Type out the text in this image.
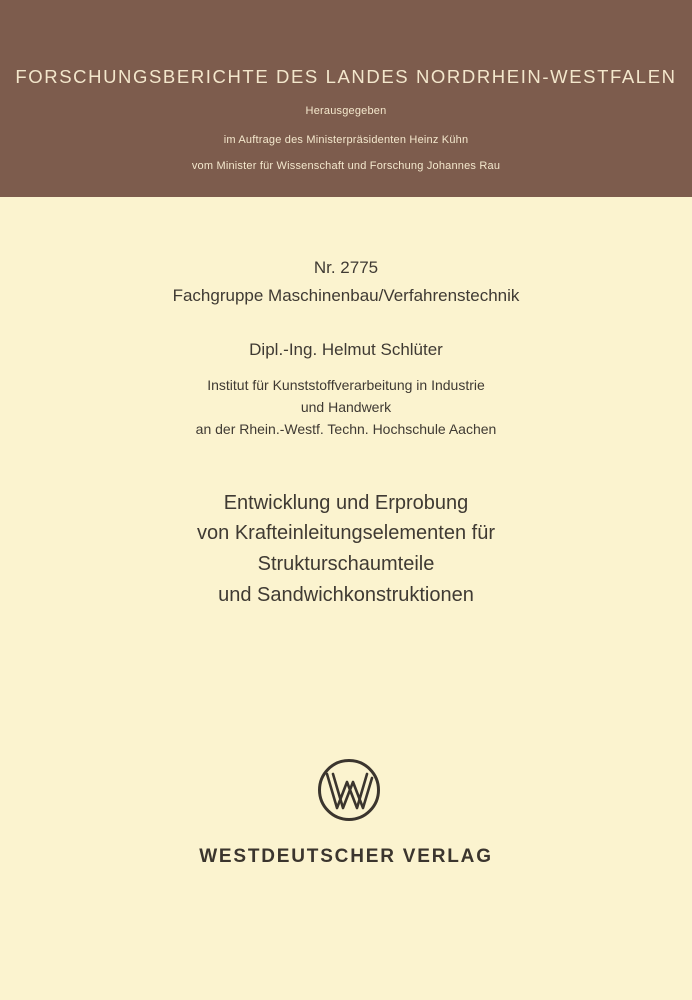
FORSCHUNGSBERICHTE DES LANDES NORDRHEIN-WESTFALEN
Herausgegeben
im Auftrage des Ministerpräsidenten Heinz Kühn
vom Minister für Wissenschaft und Forschung Johannes Rau
Nr. 2775
Fachgruppe Maschinenbau/Verfahrenstechnik
Dipl.-Ing. Helmut Schlüter
Institut für Kunststoffverarbeitung in Industrie
und Handwerk
an der Rhein.-Westf. Techn. Hochschule Aachen
Entwicklung und Erprobung
von Krafteinleitungselementen für
Strukturschaumteile
und Sandwichkonstruktionen
WESTDEUTSCHER VERLAG
